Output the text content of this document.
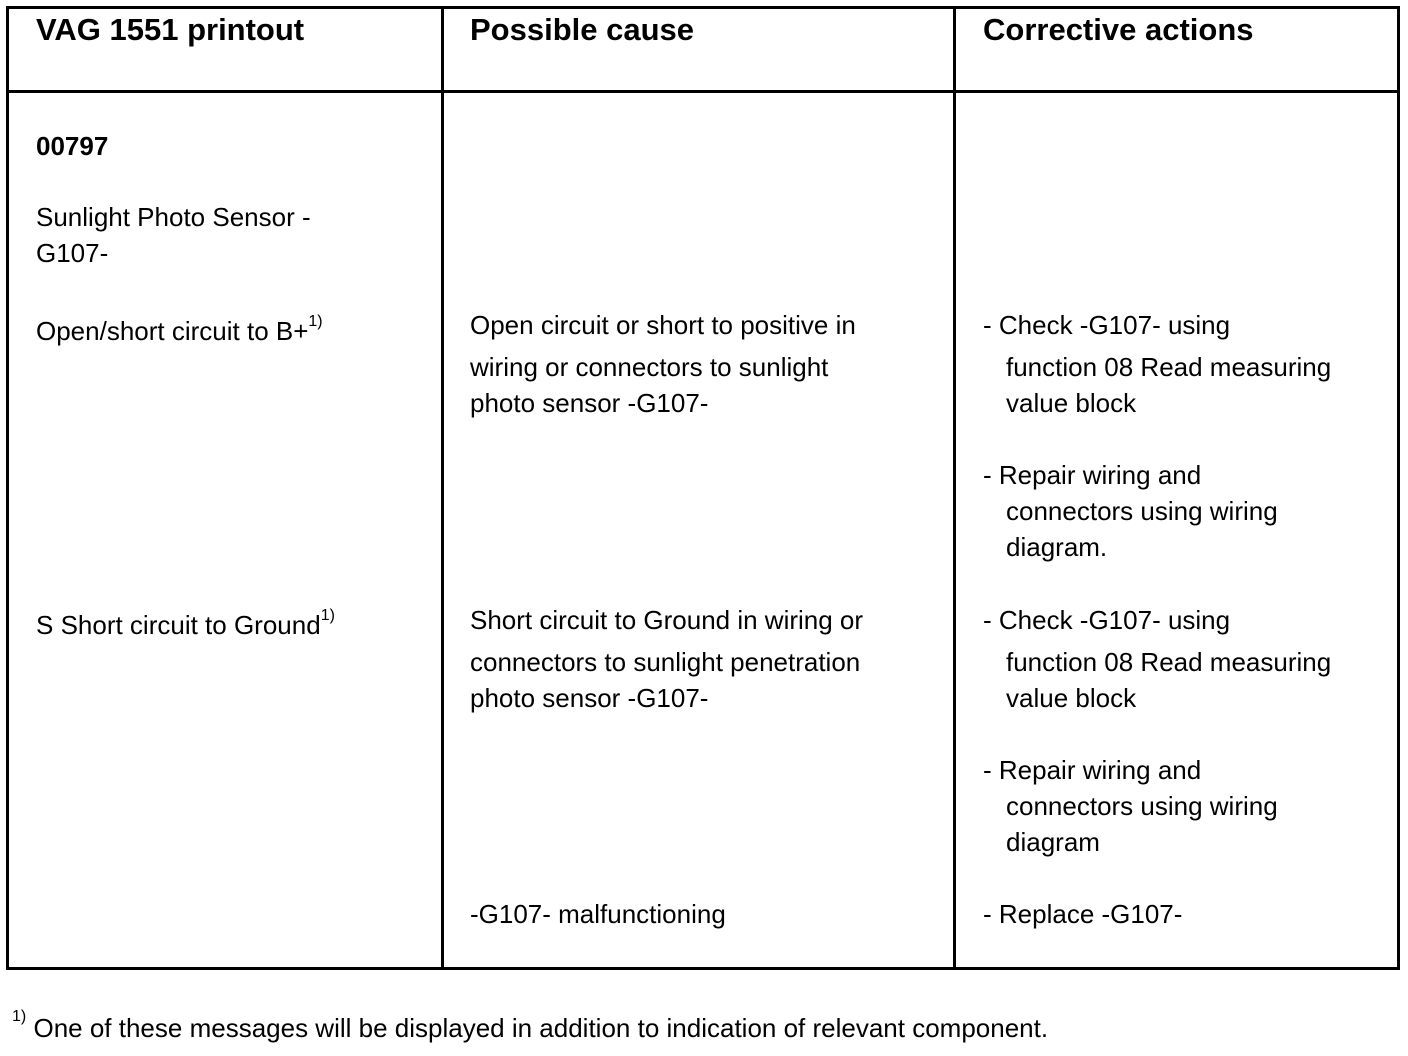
VAG 1551 printout	Possible cause	Corrective actions
00797
Sunlight Photo Sensor -
G107-
Open/short circuit to B+$^{1)}$
S Short circuit to Ground$^{1)}$
Open circuit or short to positive in
wiring or connectors to sunlight
photo sensor -G107-
Short circuit to Ground in wiring or
connectors to sunlight penetration
photo sensor -G107-
-G107- malfunctioning
- Check -G107- using
function 08 Read measuring
value block
- Repair wiring and
connectors using wiring
diagram.
- Check -G107- using
function 08 Read measuring
value block
- Repair wiring and
connectors using wiring
diagram
- Replace -G107-
$^{1)}$ One of these messages will be displayed in addition to indication of relevant component.
